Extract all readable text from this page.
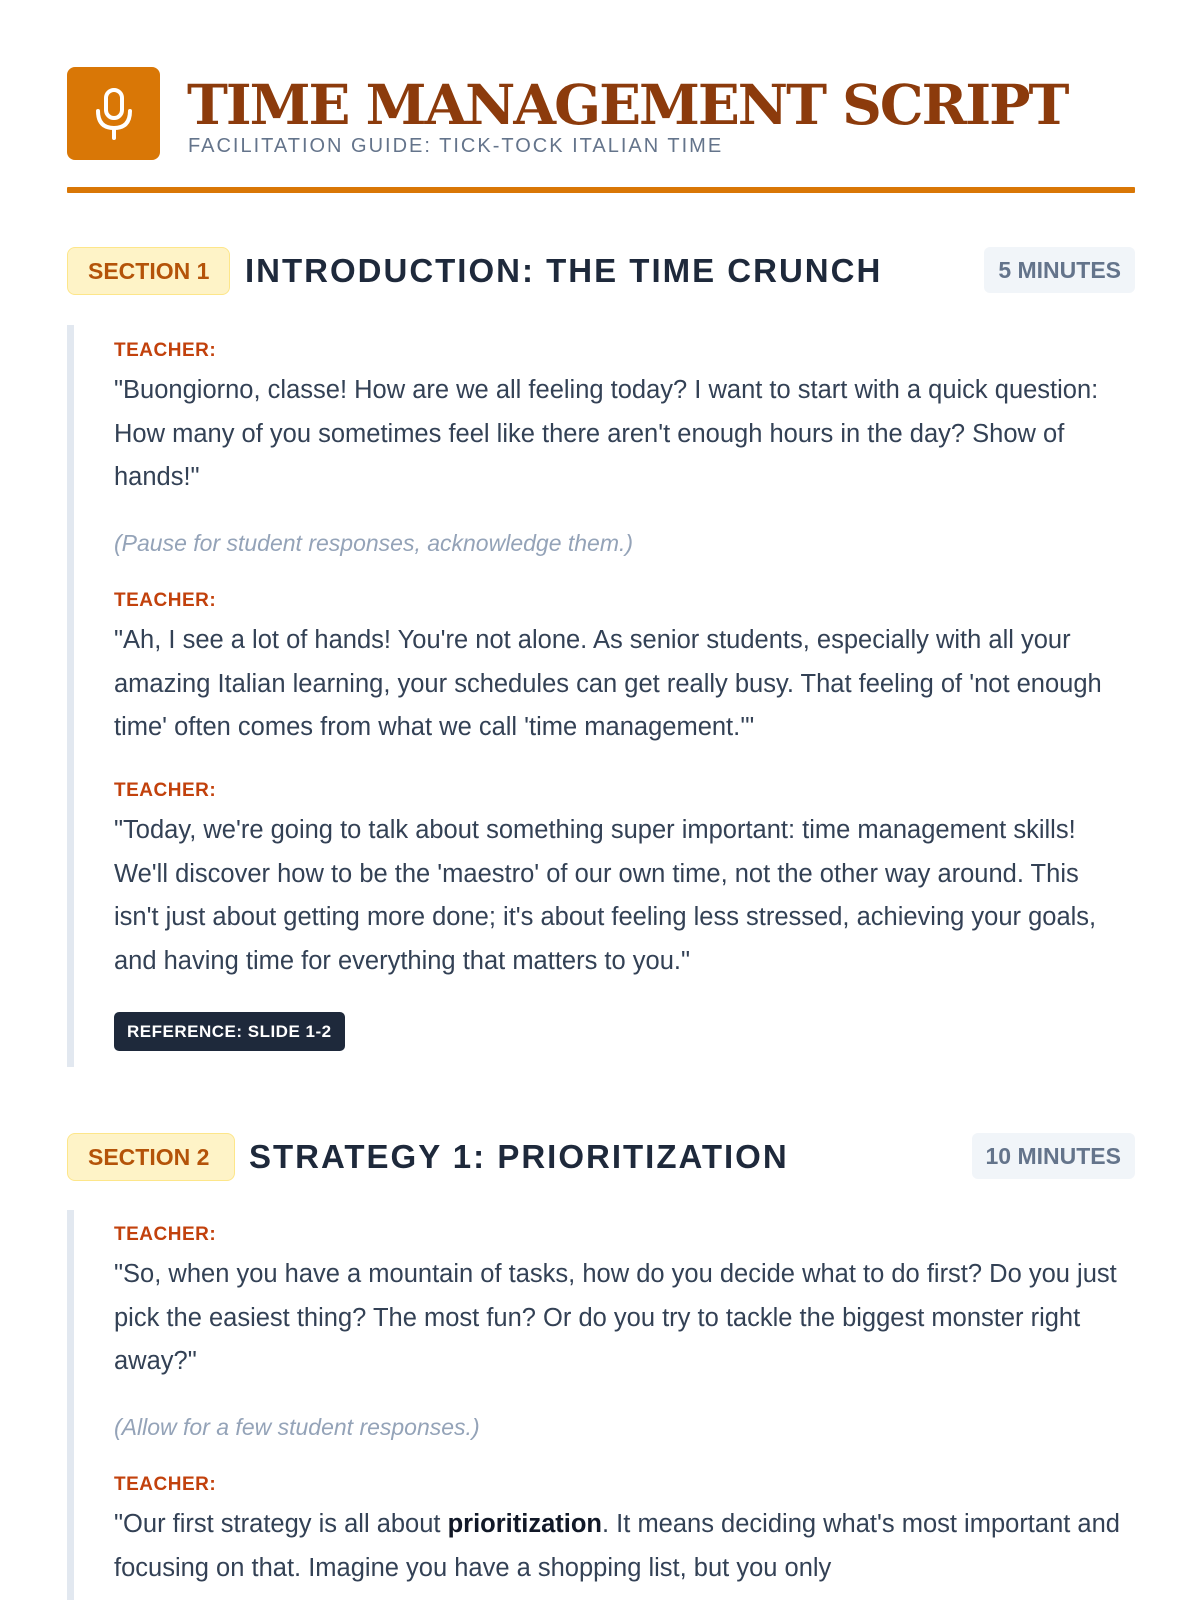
TIME MANAGEMENT SCRIPT
FACILITATION GUIDE: TICK-TOCK ITALIAN TIME
SECTION 1	INTRODUCTION: THE TIME CRUNCH	5 MINUTES
TEACHER:

"Buongiorno, classe! How are we all feeling today? I want to start with a quick question: How many of you sometimes feel like there aren't enough hours in the day? Show of hands!"

(Pause for student responses, acknowledge them.)
TEACHER:

"Ah, I see a lot of hands! You're not alone. As senior students, especially with all your amazing Italian learning, your schedules can get really busy. That feeling of 'not enough time' often comes from what we call 'time management.'"

TEACHER:

"Today, we're going to talk about something super important: time management skills! We'll discover how to be the 'maestro' of our own time, not the other way around. This isn't just about getting more done; it's about feeling less stressed, achieving your goals, and having time for everything that matters to you."

REFERENCE: SLIDE 1-2
SECTION 2	STRATEGY 1: PRIORITIZATION	10 MINUTES
TEACHER:

"So, when you have a mountain of tasks, how do you decide what to do first? Do you just pick the easiest thing? The most fun? Or do you try to tackle the biggest monster right away?"

(Allow for a few student responses.)
TEACHER:

"Our first strategy is all about prioritization. It means deciding what's most important and focusing on that. Imagine you have a shopping list, but you only
